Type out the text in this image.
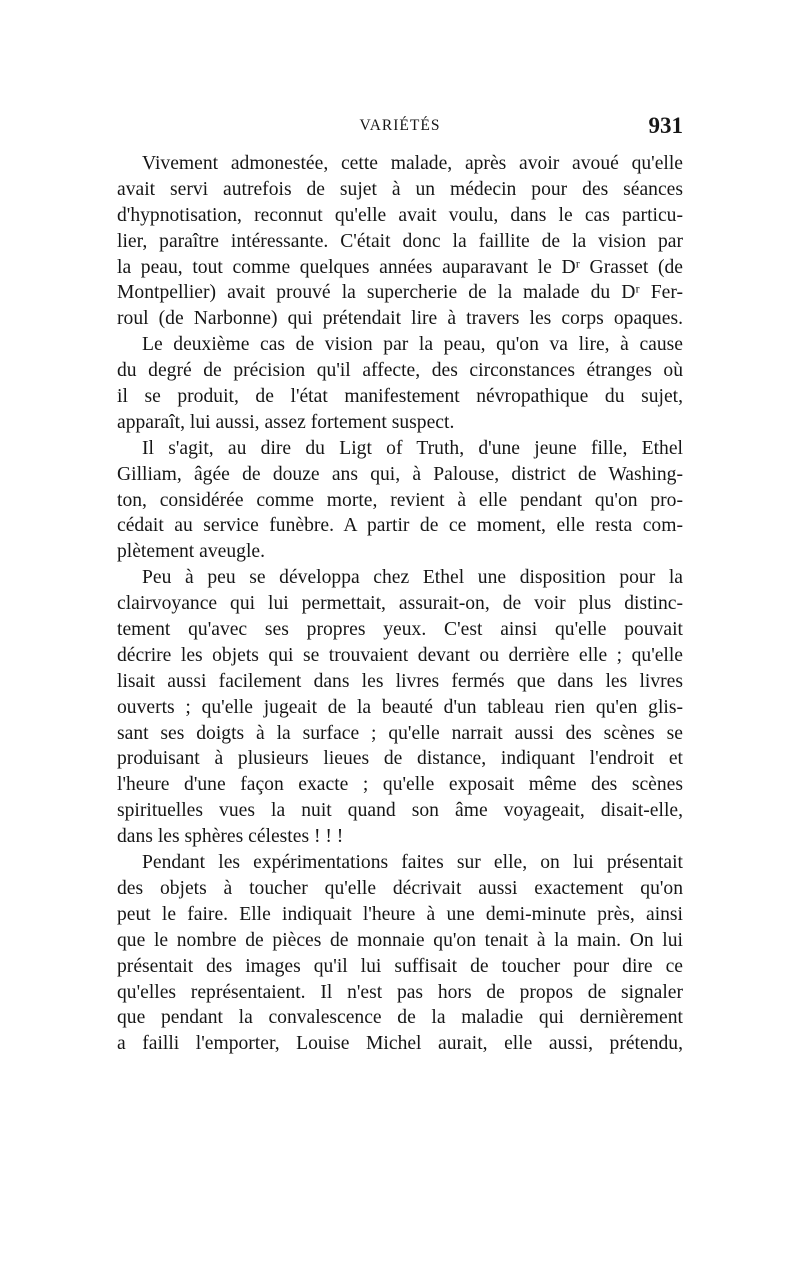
VARIÉTÉS	931
Vivement admonestée, cette malade, après avoir avoué qu'elle
avait servi autrefois de sujet à un médecin pour des séances
d'hypnotisation, reconnut qu'elle avait voulu, dans le cas particu-
lier, paraître intéressante. C'était donc la faillite de la vision par
la peau, tout comme quelques années auparavant le Dʳ Grasset (de
Montpellier) avait prouvé la supercherie de la malade du Dʳ Fer-
roul (de Narbonne) qui prétendait lire à travers les corps opaques.
Le deuxième cas de vision par la peau, qu'on va lire, à cause
du degré de précision qu'il affecte, des circonstances étranges où
il se produit, de l'état manifestement névropathique du sujet,
apparaît, lui aussi, assez fortement suspect.
Il s'agit, au dire du Ligt of Truth, d'une jeune fille, Ethel
Gilliam, âgée de douze ans qui, à Palouse, district de Washing-
ton, considérée comme morte, revient à elle pendant qu'on pro-
cédait au service funèbre. A partir de ce moment, elle resta com-
plètement aveugle.
Peu à peu se développa chez Ethel une disposition pour la
clairvoyance qui lui permettait, assurait-on, de voir plus distinc-
tement qu'avec ses propres yeux. C'est ainsi qu'elle pouvait
décrire les objets qui se trouvaient devant ou derrière elle ; qu'elle
lisait aussi facilement dans les livres fermés que dans les livres
ouverts ; qu'elle jugeait de la beauté d'un tableau rien qu'en glis-
sant ses doigts à la surface ; qu'elle narrait aussi des scènes se
produisant à plusieurs lieues de distance, indiquant l'endroit et
l'heure d'une façon exacte ; qu'elle exposait même des scènes
spirituelles vues la nuit quand son âme voyageait, disait-elle,
dans les sphères célestes ! ! !
Pendant les expérimentations faites sur elle, on lui présentait
des objets à toucher qu'elle décrivait aussi exactement qu'on
peut le faire. Elle indiquait l'heure à une demi-minute près, ainsi
que le nombre de pièces de monnaie qu'on tenait à la main. On lui
présentait des images qu'il lui suffisait de toucher pour dire ce
qu'elles représentaient. Il n'est pas hors de propos de signaler
que pendant la convalescence de la maladie qui dernièrement
a failli l'emporter, Louise Michel aurait, elle aussi, prétendu,
